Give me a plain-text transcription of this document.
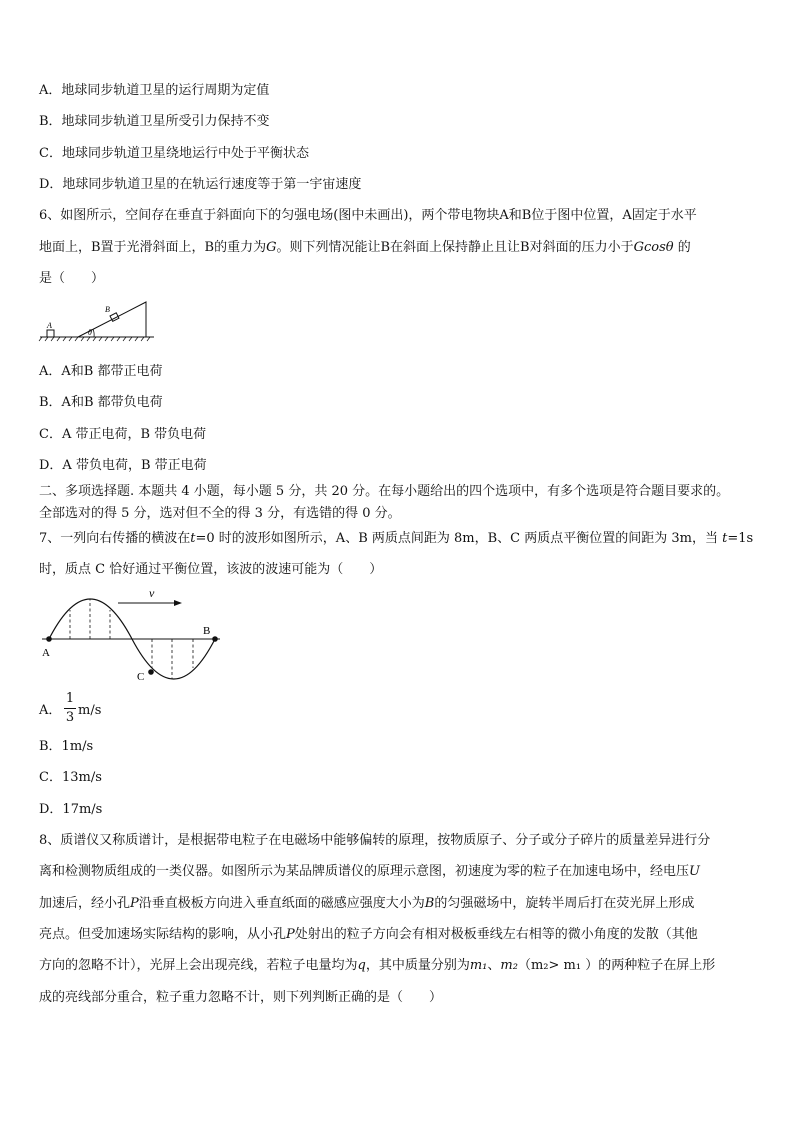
A．地球同步轨道卫星的运行周期为定值
B．地球同步轨道卫星所受引力保持不变
C．地球同步轨道卫星绕地运行中处于平衡状态
D．地球同步轨道卫星的在轨运行速度等于第一宇宙速度
6、如图所示，空间存在垂直于斜面向下的匀强电场(图中未画出)，两个带电物块A和B位于图中位置，A固定于水平
地面上，B置于光滑斜面上，B的重力为G。则下列情况能让B在斜面上保持静止且让B对斜面的压力小于Gcosθ 的
是（　　）
A
B
θ
A．A和B 都带正电荷
B．A和B 都带负电荷
C．A 带正电荷，B 带负电荷
D．A 带负电荷，B 带正电荷
二、多项选择题. 本题共 4 小题，每小题 5 分，共 20 分。在每小题给出的四个选项中，有多个选项是符合题目要求的。
全部选对的得 5 分，选对但不全的得 3 分，有选错的得 0 分。
7、一列向右传播的横波在t=0 时的波形如图所示，A、B 两质点间距为 8m，B、C 两质点平衡位置的间距为 3m，当 t=1s
时，质点 C 恰好通过平衡位置，该波的波速可能为（　　）
v
A
B
C
A．
1
3 m/s
B．1m/s
C．13m/s
D．17m/s
8、质谱仪又称质谱计，是根据带电粒子在电磁场中能够偏转的原理，按物质原子、分子或分子碎片的质量差异进行分
离和检测物质组成的一类仪器。如图所示为某品牌质谱仪的原理示意图，初速度为零的粒子在加速电场中，经电压U
加速后，经小孔P沿垂直极板方向进入垂直纸面的磁感应强度大小为B的匀强磁场中，旋转半周后打在荧光屏上形成
亮点。但受加速场实际结构的影响，从小孔P处射出的粒子方向会有相对极板垂线左右相等的微小角度的发散（其他
方向的忽略不计），光屏上会出现亮线，若粒子电量均为q，其中质量分别为m₁、m₂（m₂> m₁ ）的两种粒子在屏上形
成的亮线部分重合，粒子重力忽略不计，则下列判断正确的是（　　）
